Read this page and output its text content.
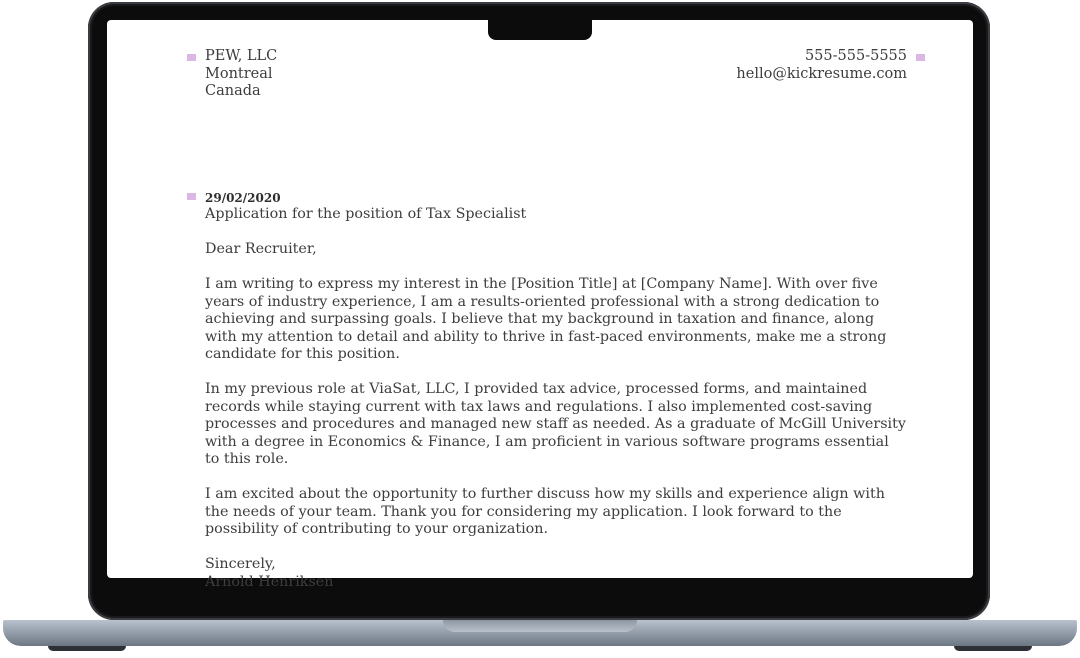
PEW, LLC
Montreal
Canada
555-555-5555
hello@kickresume.com
29/02/2020

Application for the position of Tax Specialist

Dear Recruiter,

I am writing to express my interest in the [Position Title] at [Company Name]. With over five years of industry experience, I am a results-oriented professional with a strong dedication to achieving and surpassing goals. I believe that my background in taxation and finance, along with my attention to detail and ability to thrive in fast-paced environments, make me a strong candidate for this position.

In my previous role at ViaSat, LLC, I provided tax advice, processed forms, and maintained records while staying current with tax laws and regulations. I also implemented cost-saving processes and procedures and managed new staff as needed. As a graduate of McGill University with a degree in Economics & Finance, I am proficient in various software programs essential to this role.

I am excited about the opportunity to further discuss how my skills and experience align with the needs of your team. Thank you for considering my application. I look forward to the possibility of contributing to your organization.

Sincerely,
Arnold Henriksen
